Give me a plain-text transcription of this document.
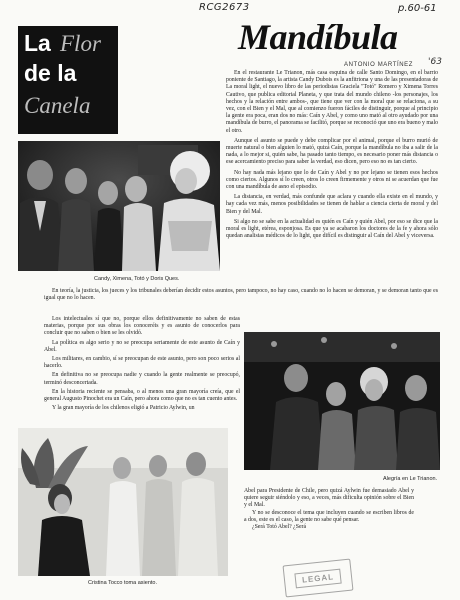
RCG2673	p.60-61
La Flor
de la
Canela
Mandíbula
ANTONIO MARTÍNEZ '63

En el restaurante Le Trianon, más casa esquina de calle Santo Domingo, en el barrio poniente de Santiago, la artista Candy Dubois es la anfitriona y una de las presentadoras de La moral light, el nuevo libro de las periodistas Graciela "Totó" Romero y Ximena Torres Cautivo, que publica editorial Planeta, y que trata del mundo chileno -los personajes, los hechos y la relación entre ambos-, que tiene que ver con la moral que se relaciona, a su vez, con el Bien y el Mal, que al comienzo fueron fáciles de distinguir, porque al principio la gente era poca, eran dos no más: Caín y Abel, y como uno mató al otro ayudado por una mandíbula de burro, el panorama se facilitó, porque se reconoció que uno era bueno y malo el otro.

Aunque el asunto se puede y debe complicar por el animal, porque el burro murió de muerte natural o bien alguien lo mató, quizá Caín, porque la mandíbula no iba a salir de la nada, a lo mejor si, quién sabe, ha pasado tanto tiempo, es necesario poner más distancia o ese acercamiento preciso para saber la verdad, eso dicen, pero eso no es tan cierto.

No hay nada más lejano que lo de Caín y Abel y no por lejano se tienen esos hechos como ciertos. Algunos sí lo creen, otros lo creen firmemente y otros ni se acuerdan que fue con una mandíbula de asno el episodio.

La distancia, en verdad, más confunde que aclara y cuando ella existe en el mundo, y hay cada vez más, menos posibilidades se tienen de hablar a ciencia cierta de moral y del Bien y del Mal.

Si algo no se sabe en la actualidad es quién es Caín y quién Abel, por eso se dice que la moral es light, etérea, esponjosa. Es que ya se acabaron los doctores de la fe y ahora sólo quedan analistas médicos de lo light, que difícil es distinguir al Caín del Abel y viceversa.

Candy, Ximena, Totó y Doris Ques.

En teoría, la justicia, los jueces y los tribunales deberían decidir estos asuntos, pero tampoco, no hay caso, cuando no lo hacen se demoran, y se demoran tanto que es igual que no lo hacen.

Los intelectuales sí que no, porque ellos definitivamente no saben de estas materias, porque por sus obras los conoceréis y es asunto de conocerlos para concluir que no saben o bien se les olvidó.

La política es algo serio y no se preocupa seriamente de este asunto de Caín y Abel.

Los militares, en cambio, sí se preocupan de este asunto, pero son poco serios al hacerlo.

En definitiva no se preocupa nadie y cuando la gente realmente se preocupó, terminó desconcertada.

En la historia reciente se pensaba, o al menos una gran mayoría creía, que el general Augusto Pinochet era un Caín, pero ahora como que no es tan cuento antes.

Y la gran mayoría de los chilenos eligió a Patricio Aylwin, un

Alegría en Le Trianon.
Cristina Tocco toma asiento.

Abel para Presidente de Chile, pero quizá Aylwin fue demasiado Abel y quiere seguir siéndolo y eso, a veces, más dificulta opinión sobre el Bien y el Mal.

Y no se desconoce el tema que incluyen cuando se escriben libros de a dos, este es el caso, la gente no sabe qué pensar.

¿Será Totó Abel? ¿Será

LEGAL
